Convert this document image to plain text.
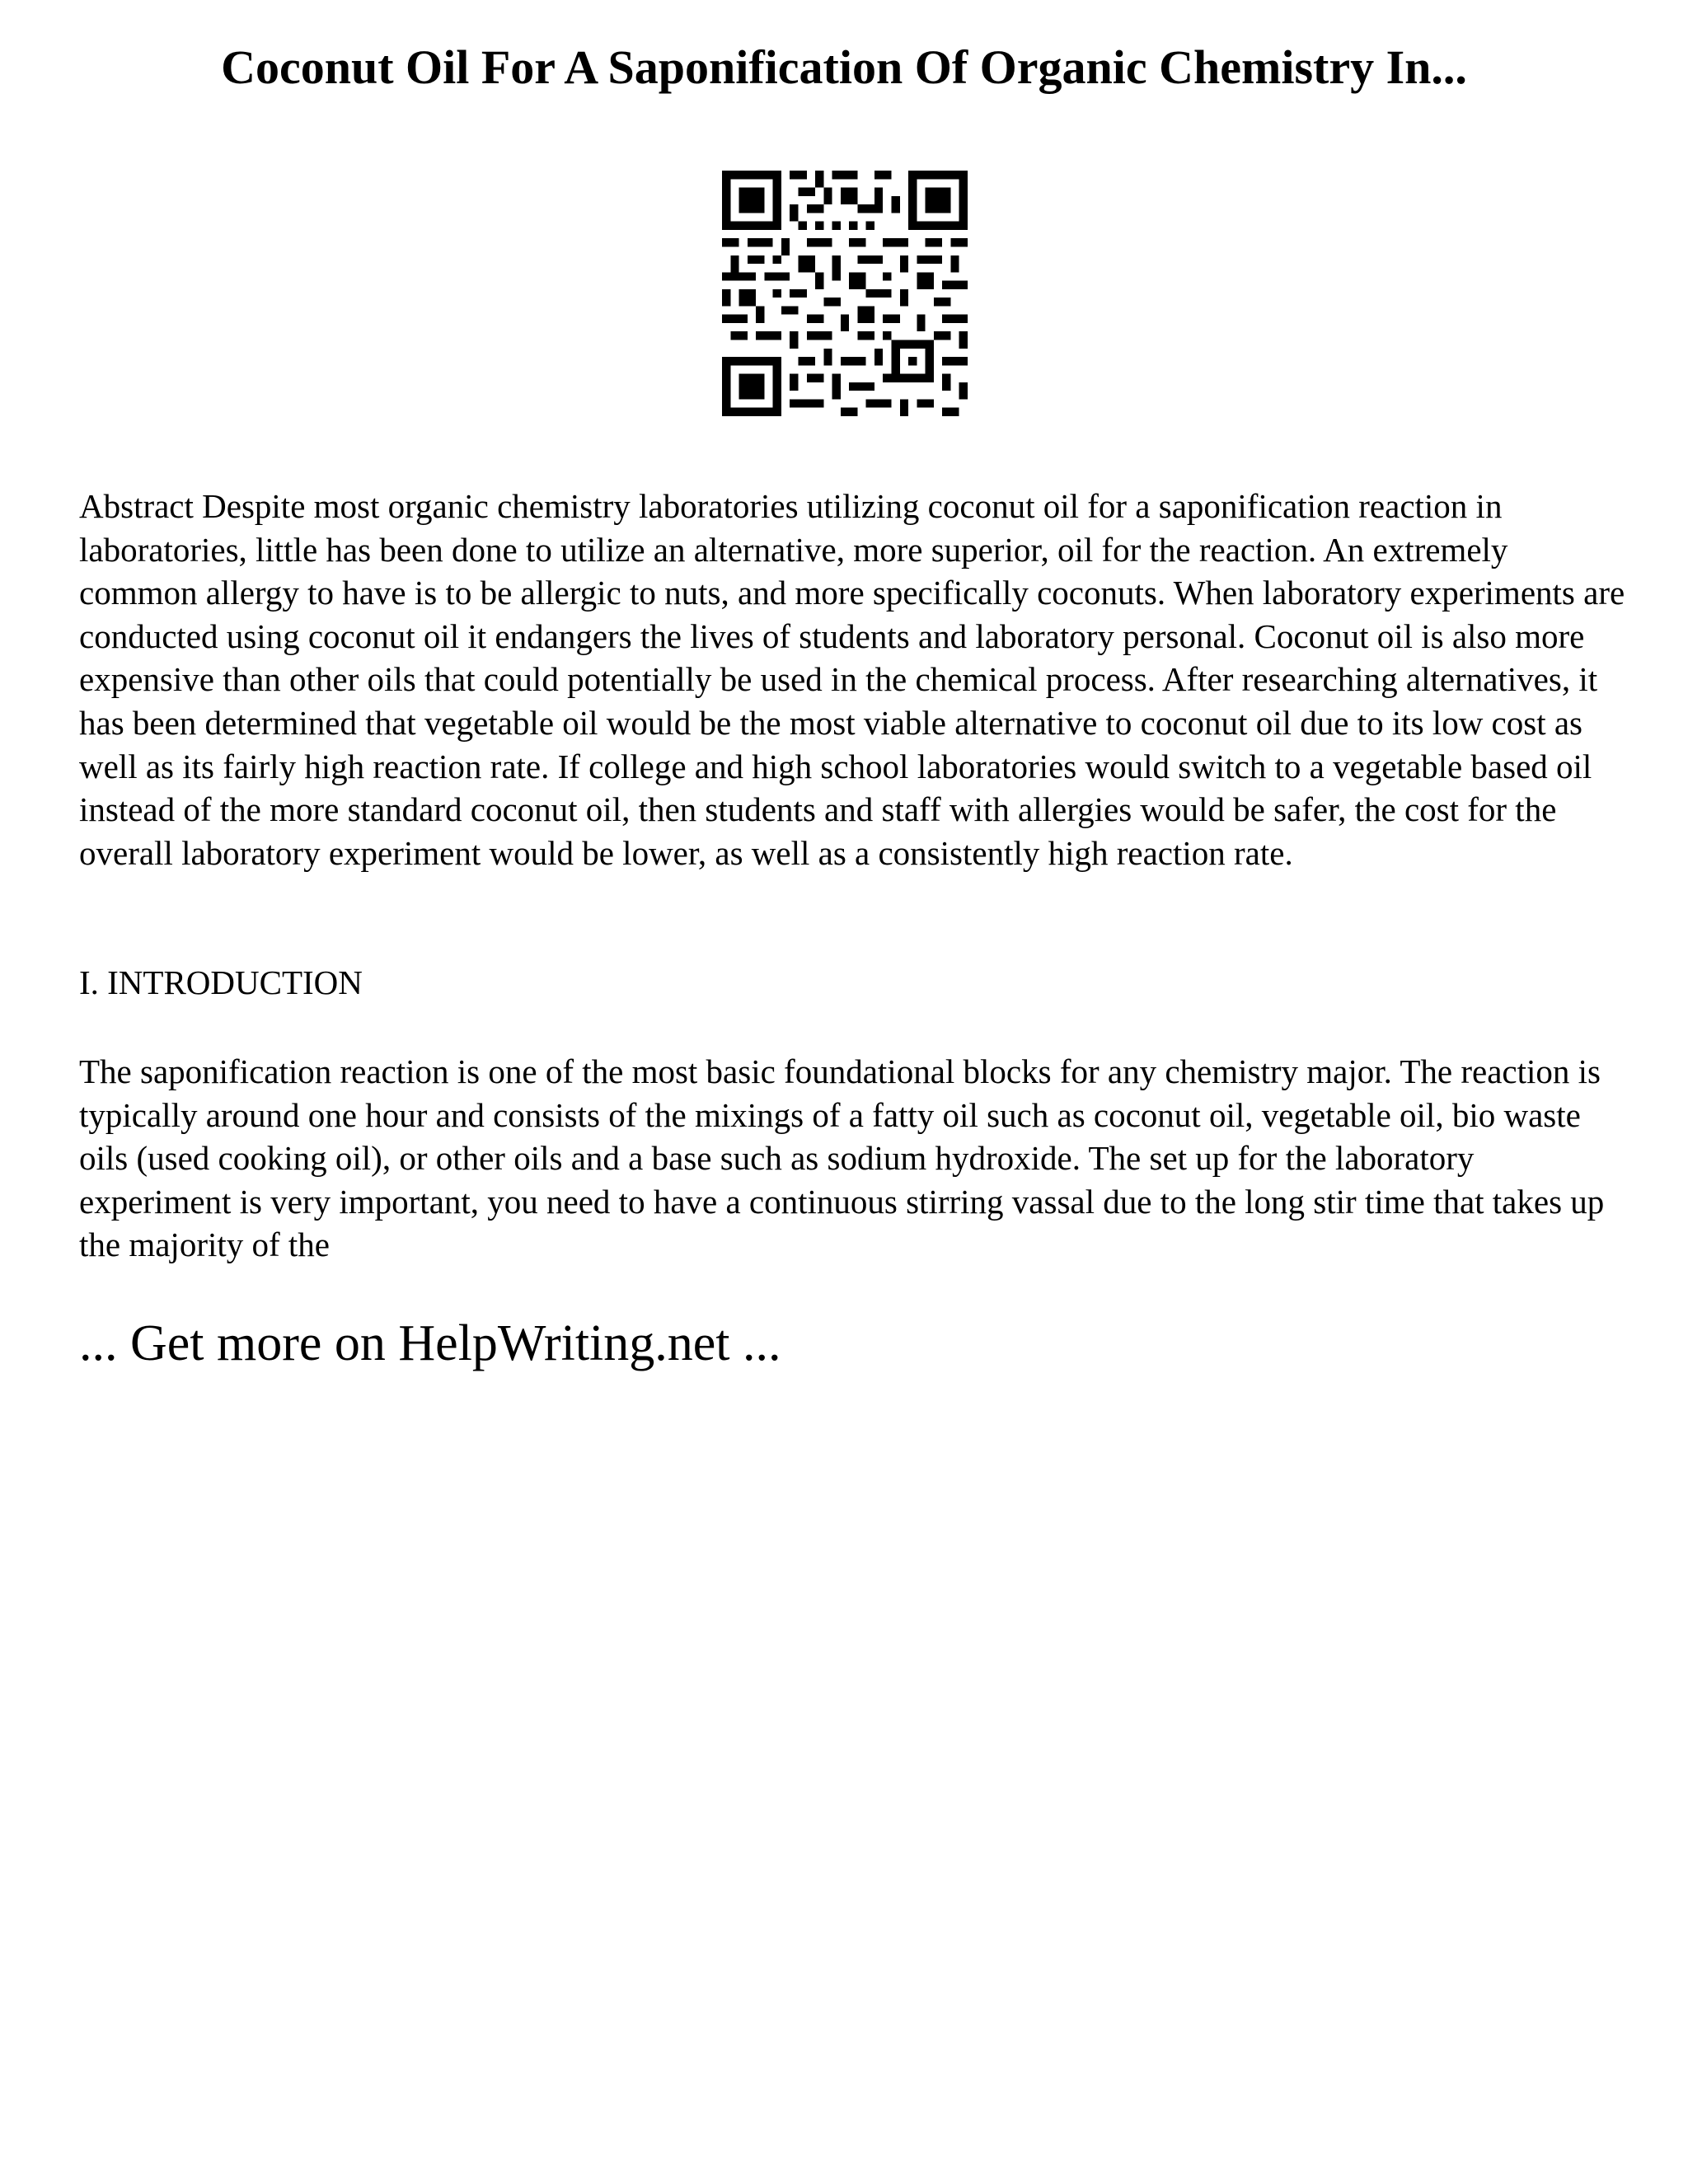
Coconut Oil For A Saponification Of Organic Chemistry In...

Abstract Despite most organic chemistry laboratories utilizing coconut oil for a saponification reaction in laboratories, little has been done to utilize an alternative, more superior, oil for the reaction. An extremely common allergy to have is to be allergic to nuts, and more specifically coconuts. When laboratory experiments are conducted using coconut oil it endangers the lives of students and laboratory personal. Coconut oil is also more expensive than other oils that could potentially be used in the chemical process. After researching alternatives, it has been determined that vegetable oil would be the most viable alternative to coconut oil due to its low cost as well as its fairly high reaction rate. If college and high school laboratories would switch to a vegetable based oil instead of the more standard coconut oil, then students and staff with allergies would be safer, the cost for the overall laboratory experiment would be lower, as well as a consistently high reaction rate.

I. INTRODUCTION

The saponification reaction is one of the most basic foundational blocks for any chemistry major. The reaction is typically around one hour and consists of the mixings of a fatty oil such as coconut oil, vegetable oil, bio waste oils (used cooking oil), or other oils and a base such as sodium hydroxide. The set up for the laboratory experiment is very important, you need to have a continuous stirring vassal due to the long stir time that takes up the majority of the

... Get more on HelpWriting.net ...
